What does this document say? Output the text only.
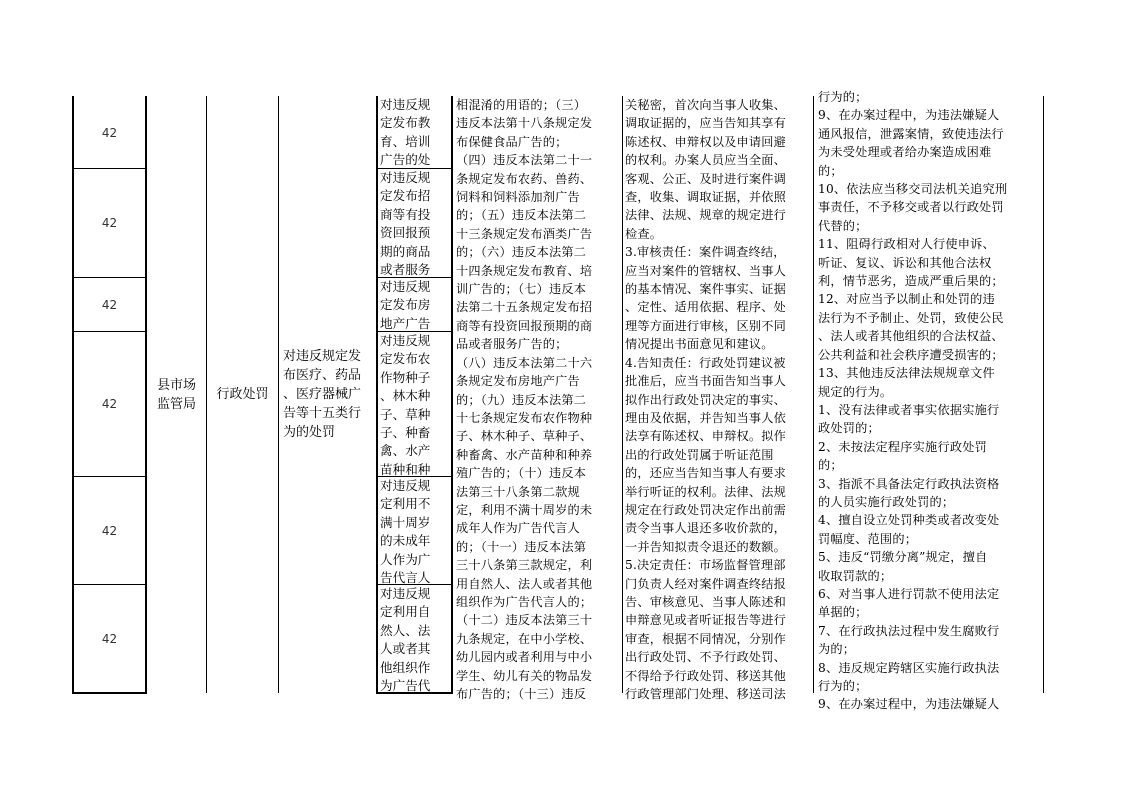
42
42
42
42
42
42
县市场
监管局
行政处罚
对违反规定发
布医疗、药品
、医疗器械广
告等十五类行
为的处罚
对违反规
定发布教
育、培训
广告的处
对违反规
定发布招
商等有投
资回报预
期的商品
或者服务
对违反规
定发布房
地产广告
对违反规
定发布农
作物种子
、林木种
子、草种
子、种畜
禽、水产
苗种和种
对违反规
定利用不
满十周岁
的未成年
人作为广
告代言人
对违反规
定利用自
然人、法
人或者其
他组织作
为广告代
相混淆的用语的；（三）
违反本法第十八条规定发
布保健食品广告的；
（四）违反本法第二十一
条规定发布农药、兽药、
饲料和饲料添加剂广告
的；（五）违反本法第二
十三条规定发布酒类广告
的；（六）违反本法第二
十四条规定发布教育、培
训广告的；（七）违反本
法第二十五条规定发布招
商等有投资回报预期的商
品或者服务广告的；
（八）违反本法第二十六
条规定发布房地产广告
的；（九）违反本法第二
十七条规定发布农作物种
子、林木种子、草种子、
种畜禽、水产苗种和种养
殖广告的；（十）违反本
法第三十八条第二款规
定，利用不满十周岁的未
成年人作为广告代言人
的；（十一）违反本法第
三十八条第三款规定，利
用自然人、法人或者其他
组织作为广告代言人的；
（十二）违反本法第三十
九条规定，在中小学校、
幼儿园内或者利用与中小
学生、幼儿有关的物品发
布广告的；（十三）违反
关秘密，首次向当事人收集、
调取证据的，应当告知其享有
陈述权、申辩权以及申请回避
的权利。办案人员应当全面、
客观、公正、及时进行案件调
查，收集、调取证据，并依照
法律、法规、规章的规定进行
检查。
3.审核责任：案件调查终结，
应当对案件的管辖权、当事人
的基本情况、案件事实、证据
、定性、适用依据、程序、处
理等方面进行审核，区别不同
情况提出书面意见和建议。
4.告知责任：行政处罚建议被
批准后，应当书面告知当事人
拟作出行政处罚决定的事实、
理由及依据，并告知当事人依
法享有陈述权、申辩权。拟作
出的行政处罚属于听证范围
的，还应当告知当事人有要求
举行听证的权利。法律、法规
规定在行政处罚决定作出前需
责令当事人退还多收价款的，
一并告知拟责令退还的数额。
5.决定责任：市场监督管理部
门负责人经对案件调查终结报
告、审核意见、当事人陈述和
申辩意见或者听证报告等进行
审查，根据不同情况，分别作
出行政处罚、不予行政处罚、
不得给予行政处罚、移送其他
行政管理部门处理、移送司法
行为的；
9、在办案过程中，为违法嫌疑人
通风报信，泄露案情，致使违法行
为未受处理或者给办案造成困难
的；
10、依法应当移交司法机关追究刑
事责任，不予移交或者以行政处罚
代替的；
11、阻碍行政相对人行使申诉、
听证、复议、诉讼和其他合法权
利，情节恶劣，造成严重后果的；
12、对应当予以制止和处罚的违
法行为不予制止、处罚，致使公民
、法人或者其他组织的合法权益、
公共利益和社会秩序遭受损害的；
13、其他违反法律法规规章文件
规定的行为。
1、没有法律或者事实依据实施行
政处罚的；
2、未按法定程序实施行政处罚
的；
3、指派不具备法定行政执法资格
的人员实施行政处罚的；
4、擅自设立处罚种类或者改变处
罚幅度、范围的；
5、违反“罚缴分离”规定，擅自
收取罚款的；
6、对当事人进行罚款不使用法定
单据的；
7、在行政执法过程中发生腐败行
为的；
8、违反规定跨辖区实施行政执法
行为的；
9、在办案过程中，为违法嫌疑人
